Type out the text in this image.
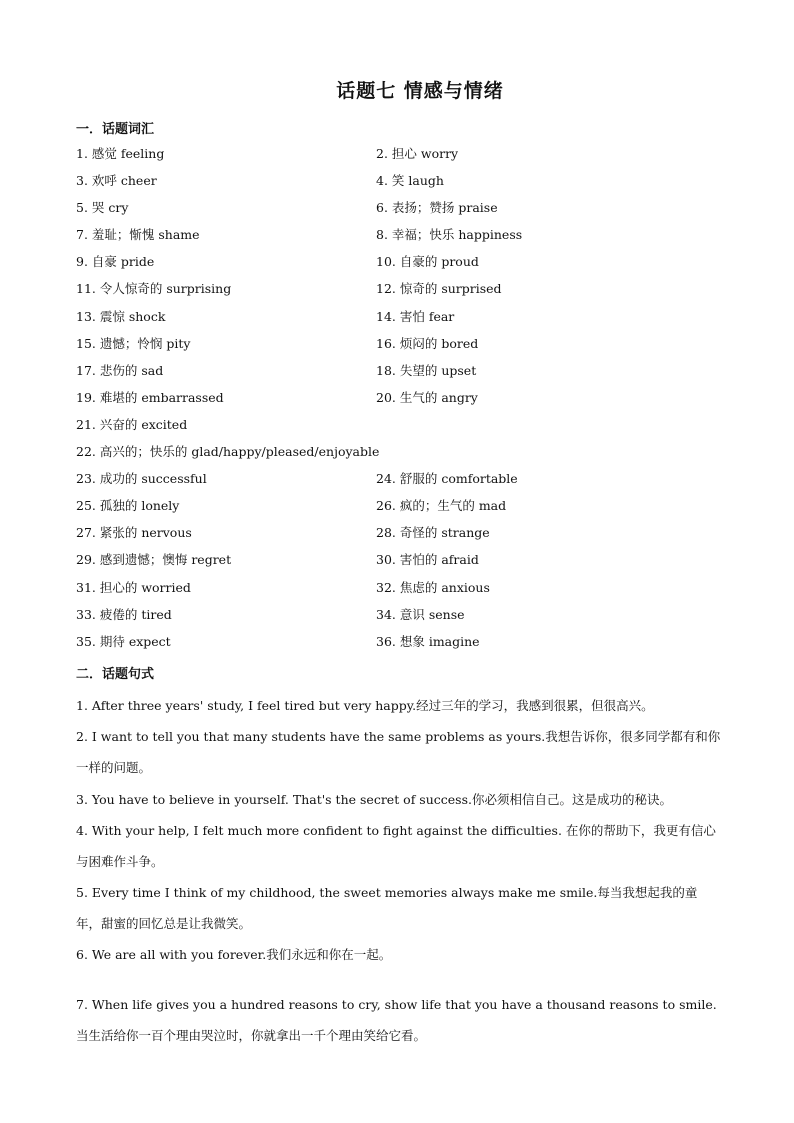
话题七 情感与情绪
一．话题词汇
1. 感觉 feeling	2. 担心 worry
3. 欢呼 cheer	4. 笑 laugh
5. 哭 cry	6. 表扬；赞扬 praise
7. 羞耻；惭愧 shame	8. 幸福；快乐 happiness
9. 自豪 pride	10. 自豪的 proud
11. 令人惊奇的 surprising	12. 惊奇的 surprised
13. 震惊 shock	14. 害怕 fear
15. 遗憾；怜悯 pity	16. 烦闷的 bored
17. 悲伤的 sad	18. 失望的 upset
19. 难堪的 embarrassed	20. 生气的 angry
21. 兴奋的 excited
22. 高兴的；快乐的 glad/happy/pleased/enjoyable
23. 成功的 successful	24. 舒服的 comfortable
25. 孤独的 lonely	26. 疯的；生气的 mad
27. 紧张的 nervous	28. 奇怪的 strange
29. 感到遗憾；懊悔 regret	30. 害怕的 afraid
31. 担心的 worried	32. 焦虑的 anxious
33. 疲倦的 tired	34. 意识 sense
35. 期待 expect	36. 想象 imagine
二．话题句式
1. After three years' study, I feel tired but very happy.经过三年的学习，我感到很累，但很高兴。
2. I want to tell you that many students have the same problems as yours.我想告诉你，很多同学都有和你一样的问题。
3. You have to believe in yourself. That's the secret of success.你必须相信自己。这是成功的秘诀。
4. With your help, I felt much more confident to fight against the difficulties. 在你的帮助下，我更有信心与困难作斗争。
5. Every time I think of my childhood, the sweet memories always make me smile.每当我想起我的童年，甜蜜的回忆总是让我微笑。
6. We are all with you forever.我们永远和你在一起。
7. When life gives you a hundred reasons to cry, show life that you have a thousand reasons to smile.当生活给你一百个理由哭泣时，你就拿出一千个理由笑给它看。
